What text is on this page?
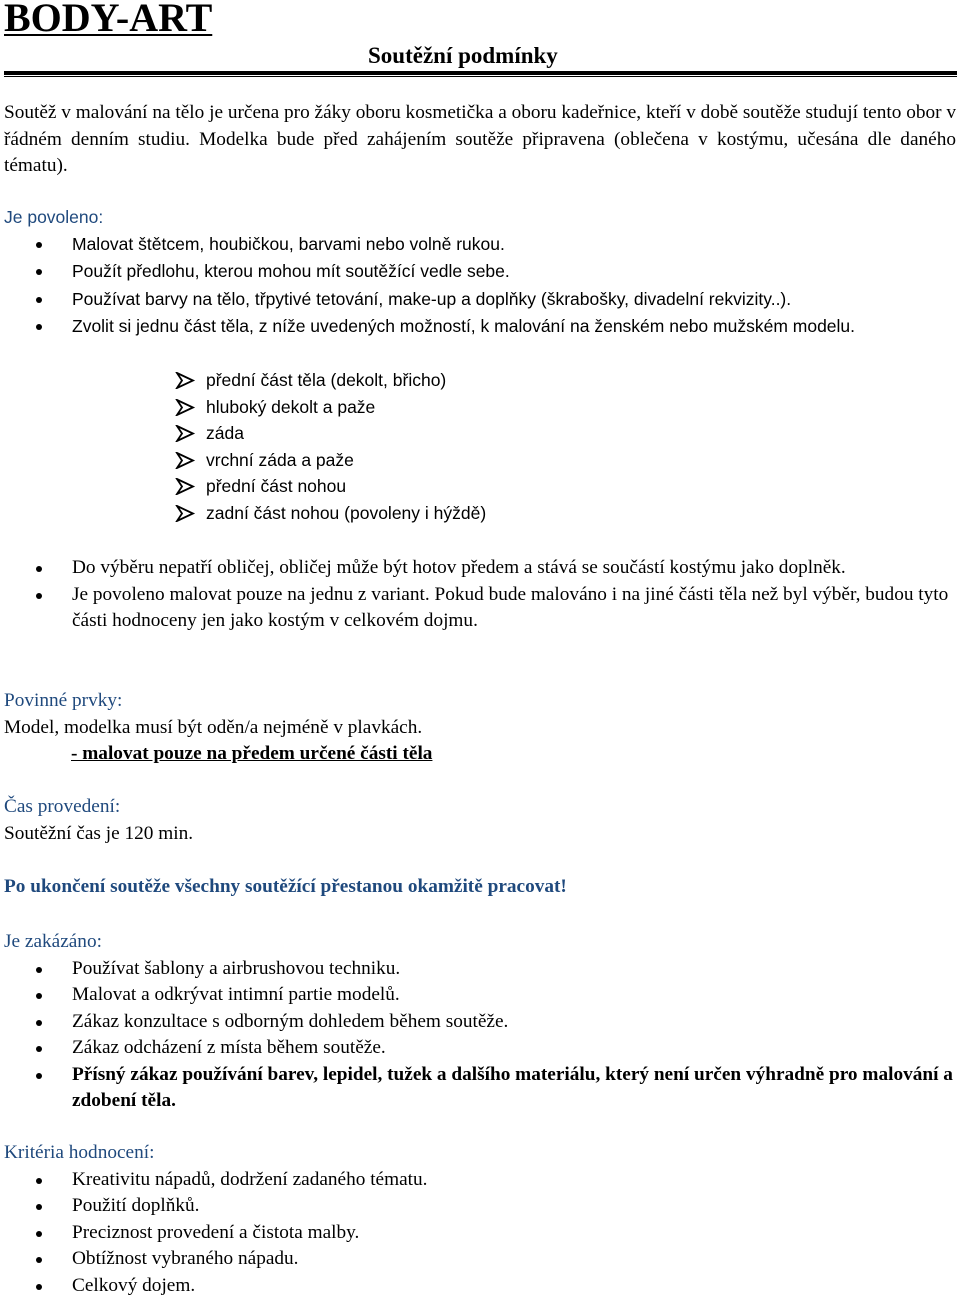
BODY-ART
Soutěžní podmínky
Soutěž v malování na tělo je určena pro žáky oboru kosmetička a oboru kadeřnice, kteří v době soutěže studují tento obor v řádném denním studiu. Modelka bude před zahájením soutěže připravena (oblečena v kostýmu, učesána dle daného tématu).
Je povoleno:
Malovat štětcem, houbičkou, barvami nebo volně rukou.
Použít předlohu, kterou mohou mít soutěžící vedle sebe.
Používat barvy na tělo, třpytivé tetování, make-up a doplňky (škrabošky, divadelní rekvizity..).
Zvolit si jednu část těla, z níže uvedených možností, k malování na ženském nebo mužském modelu.
přední část těla (dekolt, břicho)
hluboký dekolt a paže
záda
vrchní záda a paže
přední část nohou
zadní část nohou (povoleny i hýždě)
Do výběru nepatří obličej, obličej může být hotov předem a stává se součástí kostýmu jako doplněk.
Je povoleno malovat pouze na jednu z variant. Pokud bude malováno i na jiné části těla než byl výběr, budou tyto části hodnoceny jen jako kostým v celkovém dojmu.
Povinné prvky:
Model, modelka musí být oděn/a nejméně v plavkách.
- malovat pouze na předem určené části těla
Čas provedení:
Soutěžní čas je 120 min.
Po ukončení soutěže všechny soutěžící přestanou okamžitě pracovat!
Je zakázáno:
Používat šablony a airbrushovou techniku.
Malovat a odkrývat intimní partie modelů.
Zákaz konzultace s odborným dohledem během soutěže.
Zákaz odcházení z místa během soutěže.
Přísný zákaz používání barev, lepidel, tužek a dalšího materiálu, který není určen výhradně pro malování a zdobení těla.
Kritéria hodnocení:
Kreativitu nápadů, dodržení zadaného tématu.
Použití doplňků.
Preciznost provedení a čistota malby.
Obtížnost vybraného nápadu.
Celkový dojem.
